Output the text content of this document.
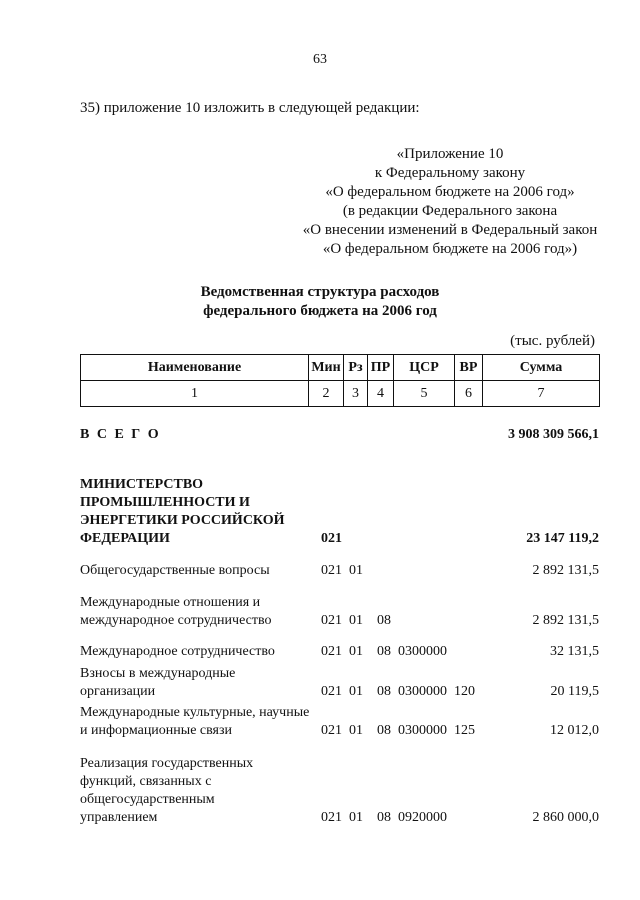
63
35) приложение 10 изложить в следующей редакции:
«Приложение 10
к Федеральному закону
«О федеральном бюджете на 2006 год»
(в редакции Федерального закона
«О внесении изменений в Федеральный закон
«О федеральном бюджете на 2006 год»)
Ведомственная структура расходов
федерального бюджета на 2006 год
(тыс. рублей)
Наименование	Мин	Рз	ПР	ЦСР	ВР	Сумма
1	2	3	4	5	6	7
В С Е Г О	3 908 309 566,1
МИНИСТЕРСТВО ПРОМЫШЛЕННОСТИ И ЭНЕРГЕТИКИ РОССИЙСКОЙ ФЕДЕРАЦИИ	021	23 147 119,2
Общегосударственные вопросы	021  01	2 892 131,5
Международные отношения и международное сотрудничество	021  01    08	2 892 131,5
Международное сотрудничество	021  01    08  0300000	32 131,5
Взносы в международные организации	021  01    08  0300000  120	20 119,5
Международные культурные, научные и информационные связи	021  01    08  0300000  125	12 012,0
Реализация государственных функций, связанных с общегосударственным управлением	021  01    08  0920000	2 860 000,0
